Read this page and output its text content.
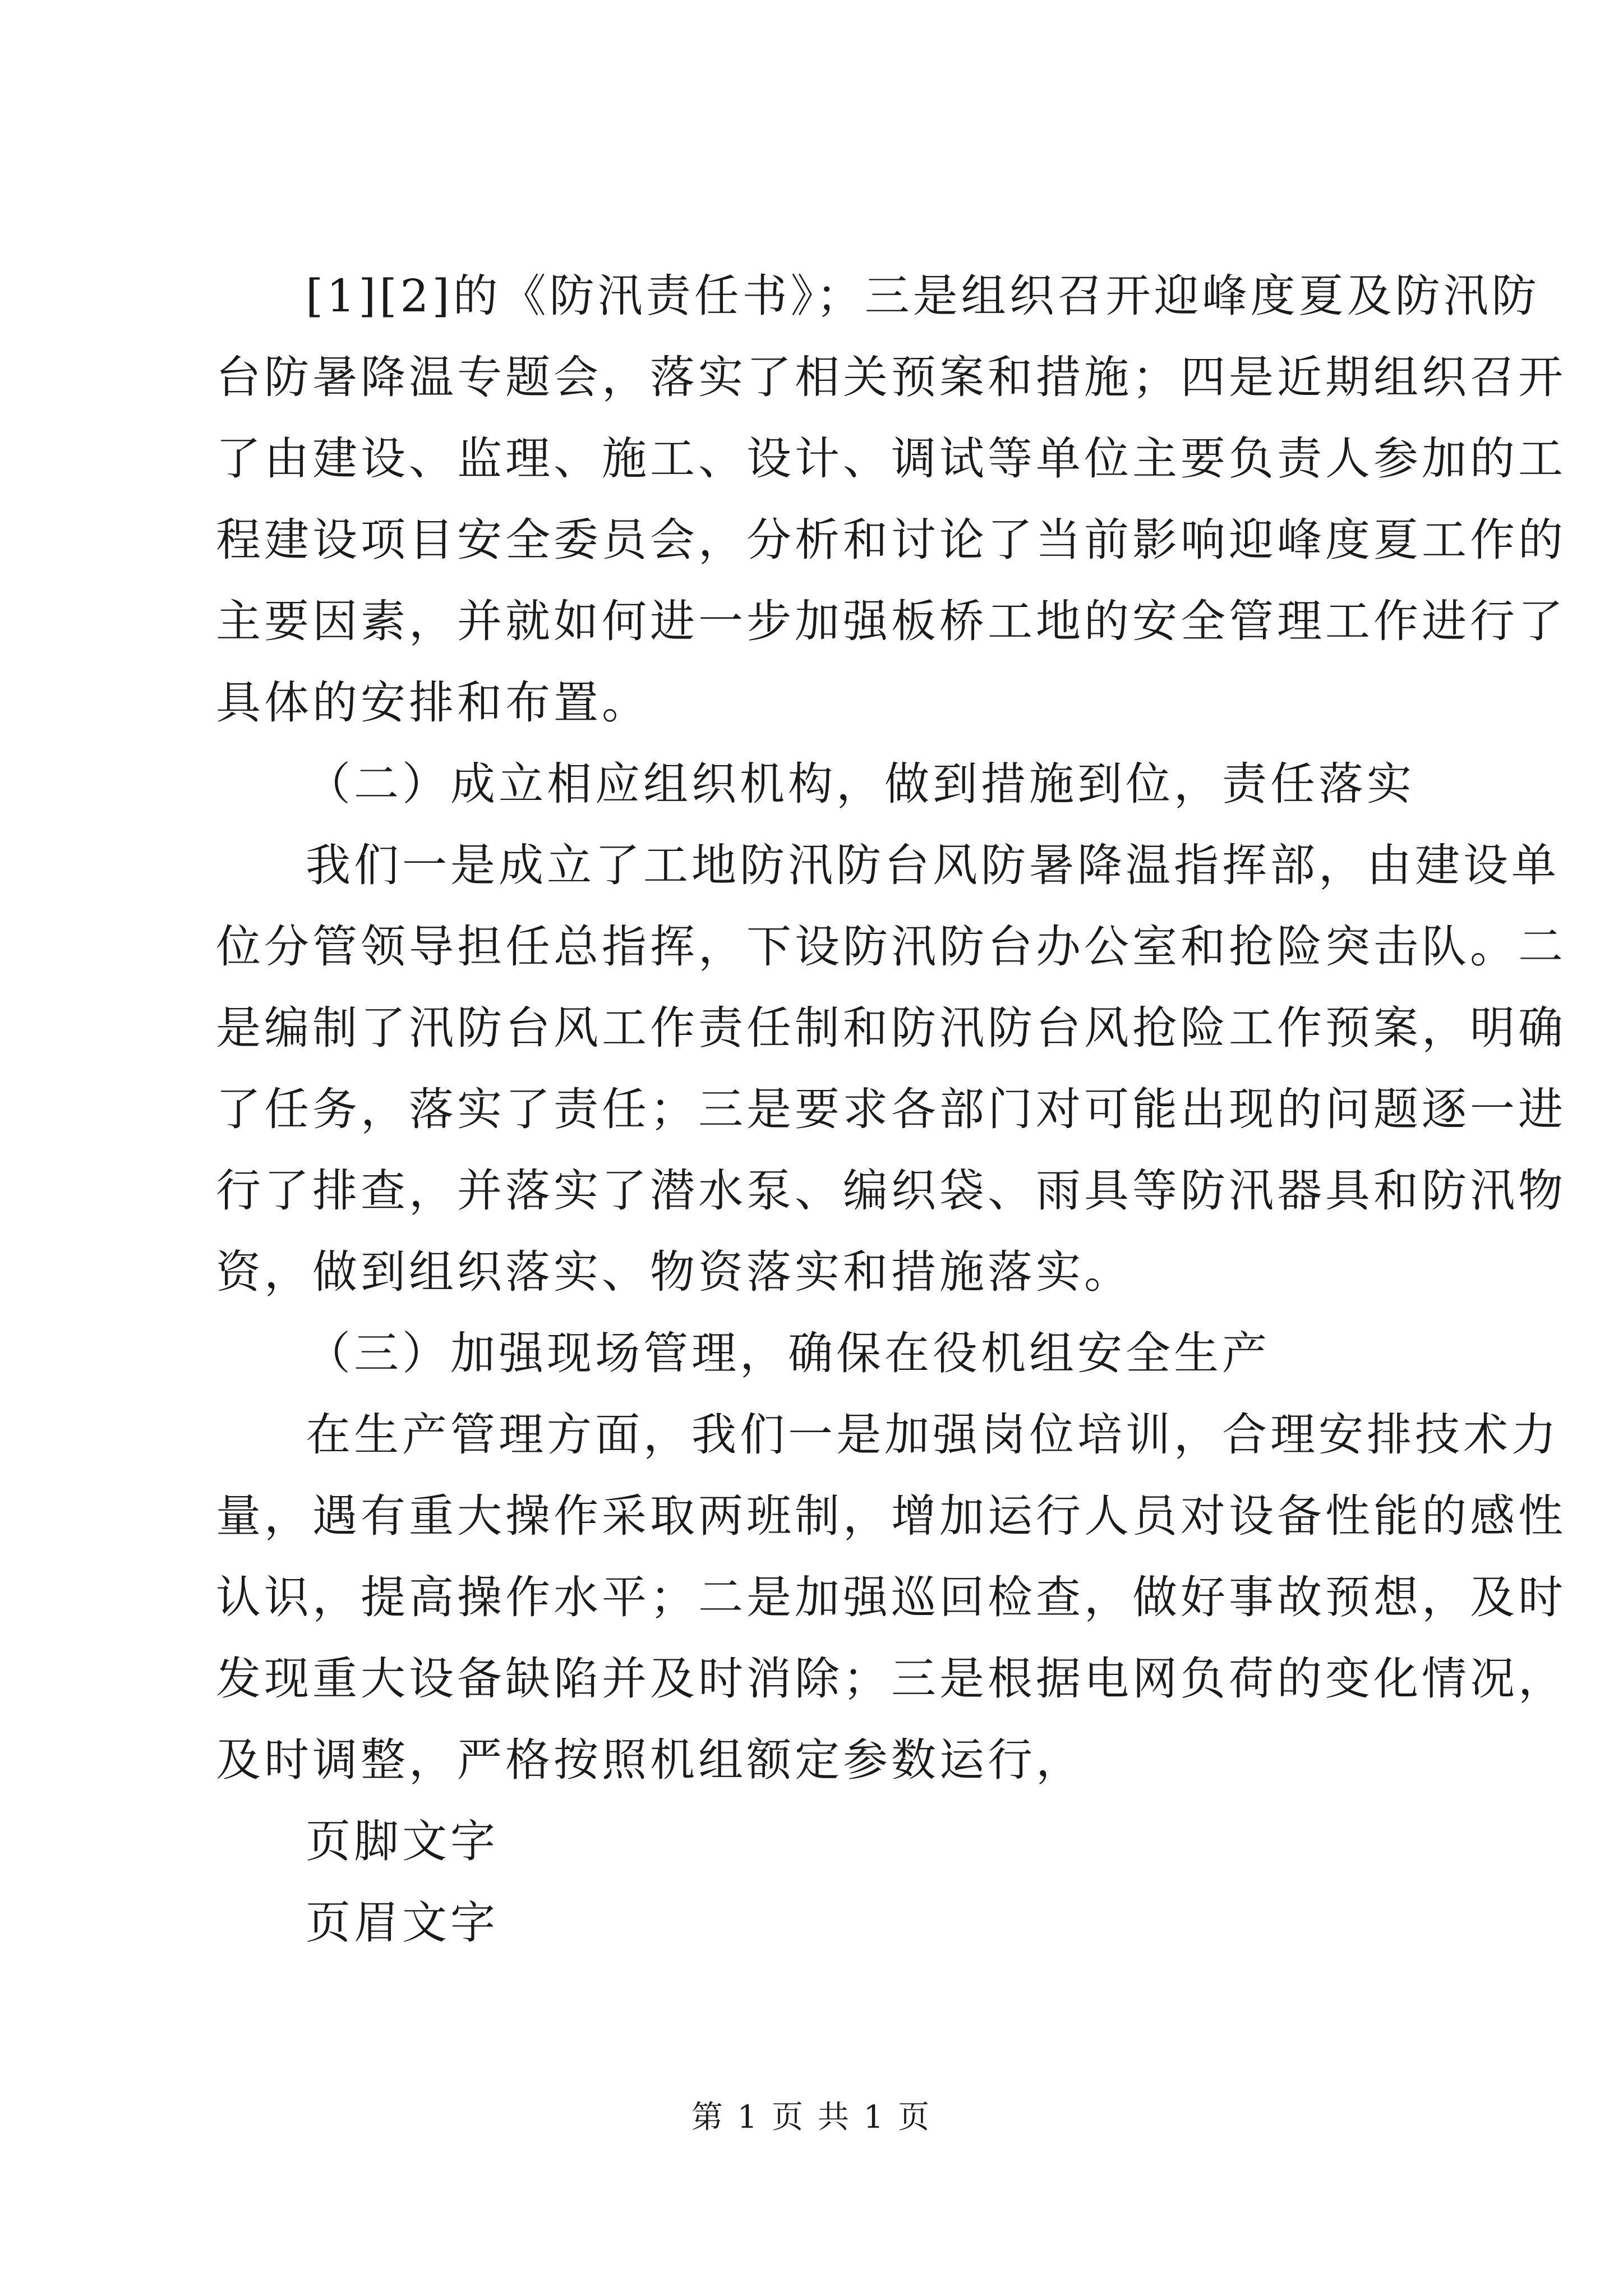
[1][2]的《防汛责任书》；三是组织召开迎峰度夏及防汛防
台防暑降温专题会，落实了相关预案和措施；四是近期组织召开
了由建设、监理、施工、设计、调试等单位主要负责人参加的工
程建设项目安全委员会，分析和讨论了当前影响迎峰度夏工作的
主要因素，并就如何进一步加强板桥工地的安全管理工作进行了
具体的安排和布置。
（二）成立相应组织机构，做到措施到位，责任落实
我们一是成立了工地防汛防台风防暑降温指挥部，由建设单
位分管领导担任总指挥，下设防汛防台办公室和抢险突击队。二
是编制了汛防台风工作责任制和防汛防台风抢险工作预案，明确
了任务，落实了责任；三是要求各部门对可能出现的问题逐一进
行了排查，并落实了潜水泵、编织袋、雨具等防汛器具和防汛物
资，做到组织落实、物资落实和措施落实。
（三）加强现场管理，确保在役机组安全生产
在生产管理方面，我们一是加强岗位培训，合理安排技术力
量，遇有重大操作采取两班制，增加运行人员对设备性能的感性
认识，提高操作水平；二是加强巡回检查，做好事故预想，及时
发现重大设备缺陷并及时消除；三是根据电网负荷的变化情况，
及时调整，严格按照机组额定参数运行，
页脚文字
页眉文字
第 1 页 共 1 页
